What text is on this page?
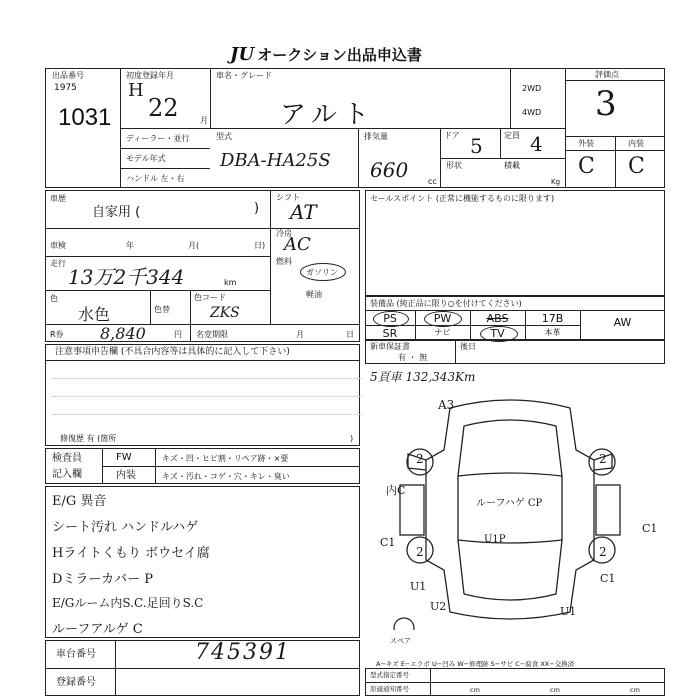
JU オークション出品申込書
出品番号
1975
1031
初度登録年月
H
22	月
車名・グレード
アルト
2WD
4WD
評価点
3
外装	内装
C C
ディーラー・並行
モデル年式
ハンドル 左・右
型式
DBA-HA25S
排気量
660 cc
ドア 5	定員 4
形状	積載
Kg
車歴
自家用 (	)
シフト
AT
車検	年	月(	日)
冷房
AC
走行
13万2千344	km
燃料
ガソリン
軽油
色
水色	色替
色コード
ZKS
R券 8,840	円 名変期限	月	日
セールスポイント (正常に機能するものに限ります)
装備品 (純正品に限り○を付けてください)
PS	PW	ABS	17B	AW
SR	ナビ	TV	本革
新車保証書
有 ・ 無
後日
注意事項申告欄 (不具合内容等は具体的に記入して下さい)
修復歴 有 (箇所	)
検査員
記入欄
FW	キズ・凹・ヒビ割・リペア跡・×要
内装	キズ・汚れ・コゲ・穴・キレ・臭い
E/G 異音
シート汚れ ハンドルハゲ
Hライトくもり ボウセイ腐
Dミラーカバー P
E/Gルーム内S.C.足回りS.C
ルーフアルゲ C
車台番号	745391
登録番号
5頁車 132,343Km
A3
2	2
2	2
内C
ルーフハゲ CP
U1P
C1
C1
C1
U1
U2	U1
スペア
A−キズ E−エクボ U−凹み W−修理跡 S−サビ C−腐食 XX−交換済
型式指定番号
原適通知番号	cm	cm	cm
